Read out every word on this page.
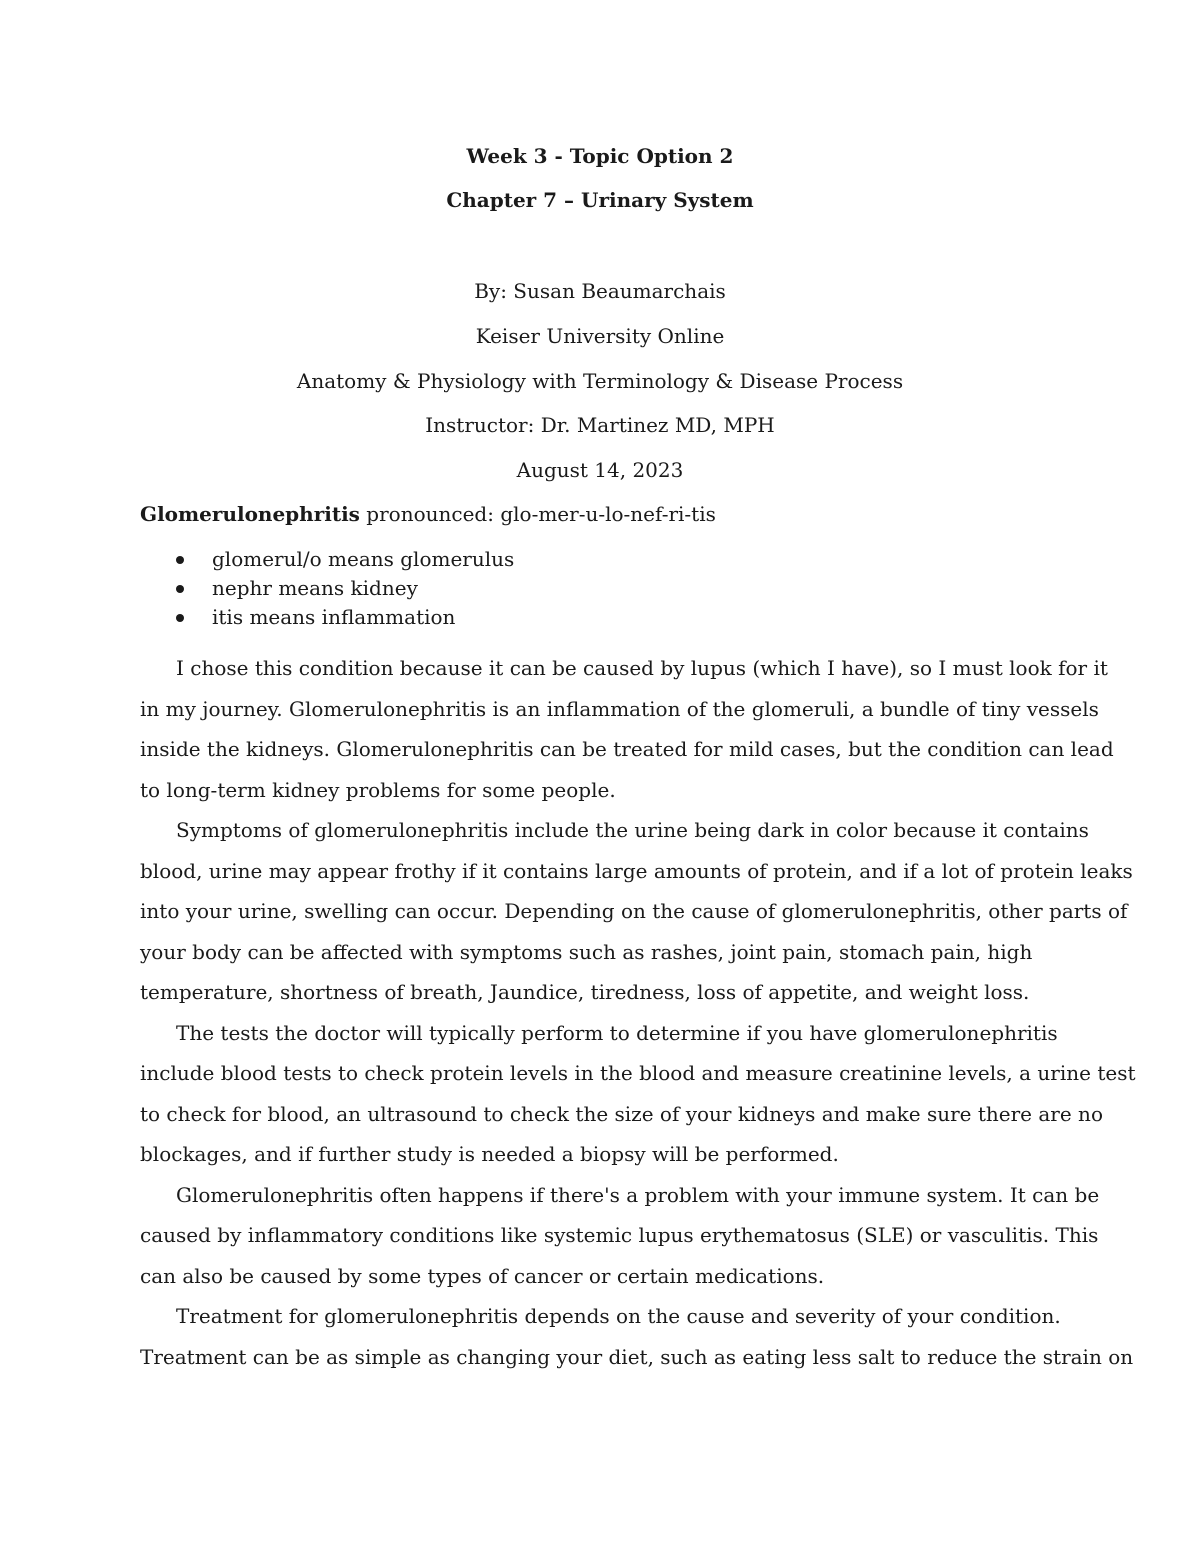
Week 3 - Topic Option 2
Chapter 7 – Urinary System
By: Susan Beaumarchais
Keiser University Online
Anatomy & Physiology with Terminology & Disease Process
Instructor: Dr. Martinez MD, MPH
August 14, 2023
Glomerulonephritis pronounced: glo-mer-u-lo-nef-ri-tis
glomerul/o means glomerulus
nephr means kidney
itis means inflammation

I chose this condition because it can be caused by lupus (which I have), so I must look for it
in my journey. Glomerulonephritis is an inflammation of the glomeruli, a bundle of tiny vessels
inside the kidneys. Glomerulonephritis can be treated for mild cases, but the condition can lead
to long-term kidney problems for some people.

Symptoms of glomerulonephritis include the urine being dark in color because it contains
blood, urine may appear frothy if it contains large amounts of protein, and if a lot of protein leaks
into your urine, swelling can occur. Depending on the cause of glomerulonephritis, other parts of
your body can be affected with symptoms such as rashes, joint pain, stomach pain, high
temperature, shortness of breath, Jaundice, tiredness, loss of appetite, and weight loss.

The tests the doctor will typically perform to determine if you have glomerulonephritis
include blood tests to check protein levels in the blood and measure creatinine levels, a urine test
to check for blood, an ultrasound to check the size of your kidneys and make sure there are no
blockages, and if further study is needed a biopsy will be performed.

Glomerulonephritis often happens if there's a problem with your immune system. It can be
caused by inflammatory conditions like systemic lupus erythematosus (SLE) or vasculitis. This
can also be caused by some types of cancer or certain medications.

Treatment for glomerulonephritis depends on the cause and severity of your condition.
Treatment can be as simple as changing your diet, such as eating less salt to reduce the strain on
